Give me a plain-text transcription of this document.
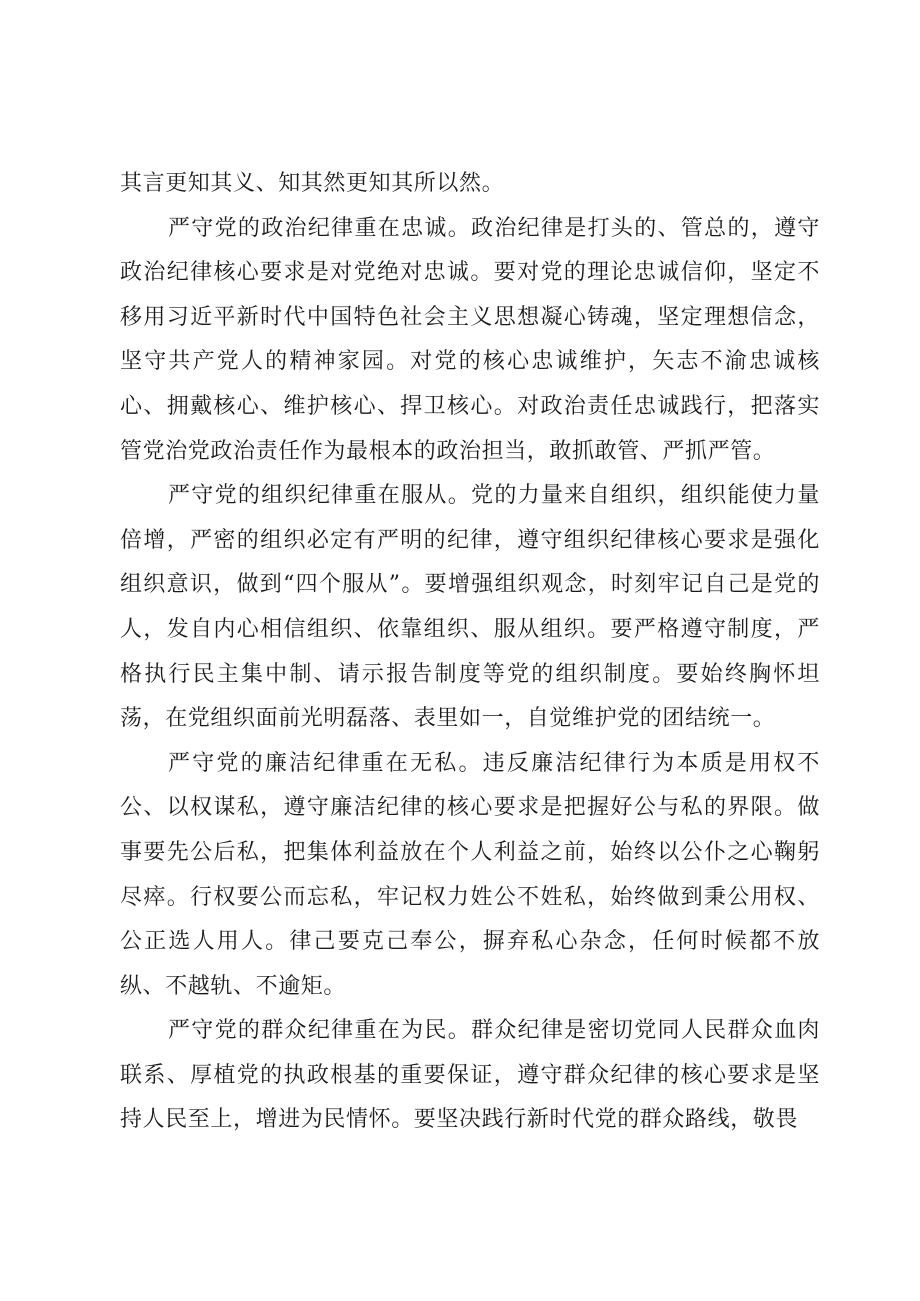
其言更知其义、知其然更知其所以然。

严守党的政治纪律重在忠诚。政治纪律是打头的、管总的，遵守政治纪律核心要求是对党绝对忠诚。要对党的理论忠诚信仰，坚定不移用习近平新时代中国特色社会主义思想凝心铸魂，坚定理想信念，坚守共产党人的精神家园。对党的核心忠诚维护，矢志不渝忠诚核心、拥戴核心、维护核心、捍卫核心。对政治责任忠诚践行，把落实管党治党政治责任作为最根本的政治担当，敢抓敢管、严抓严管。

严守党的组织纪律重在服从。党的力量来自组织，组织能使力量倍增，严密的组织必定有严明的纪律，遵守组织纪律核心要求是强化组织意识，做到“四个服从”。要增强组织观念，时刻牢记自己是党的人，发自内心相信组织、依靠组织、服从组织。要严格遵守制度，严格执行民主集中制、请示报告制度等党的组织制度。要始终胸怀坦荡，在党组织面前光明磊落、表里如一，自觉维护党的团结统一。

严守党的廉洁纪律重在无私。违反廉洁纪律行为本质是用权不公、以权谋私，遵守廉洁纪律的核心要求是把握好公与私的界限。做事要先公后私，把集体利益放在个人利益之前，始终以公仆之心鞠躬尽瘁。行权要公而忘私，牢记权力姓公不姓私，始终做到秉公用权、公正选人用人。律己要克己奉公，摒弃私心杂念，任何时候都不放纵、不越轨、不逾矩。

严守党的群众纪律重在为民。群众纪律是密切党同人民群众血肉联系、厚植党的执政根基的重要保证，遵守群众纪律的核心要求是坚持人民至上，增进为民情怀。要坚决践行新时代党的群众路线，敬畏
